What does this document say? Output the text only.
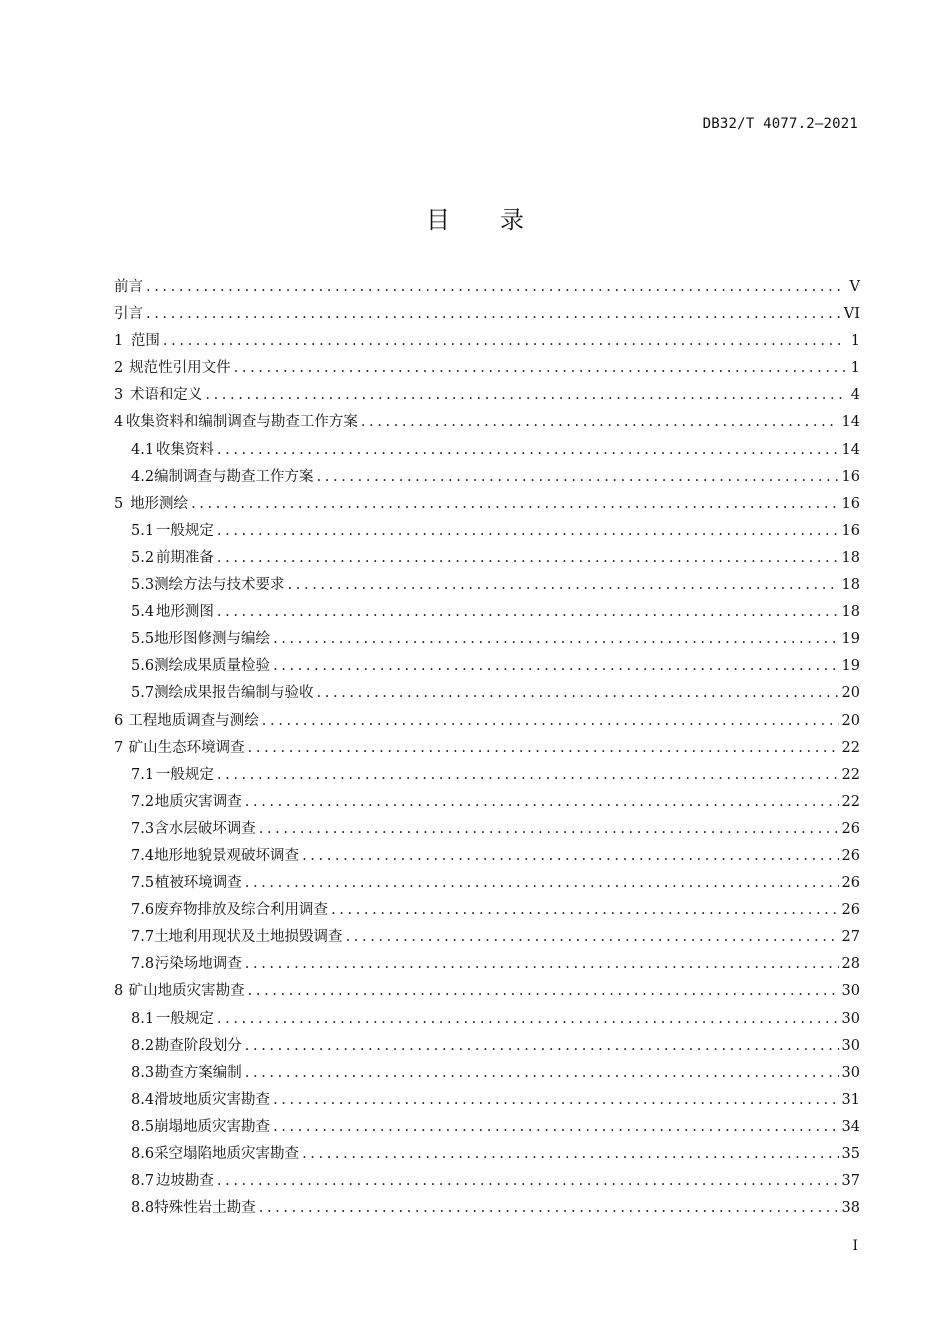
DB32/T 4077.2—2021
目录
前言 . . .	V
引言 . . .	VI
1 范围 . . .	1
2 规范性引用文件 . . .	1
3 术语和定义 . . .	4
4 收集资料和编制调查与勘查工作方案 . . .	14
4.1 收集资料 . . .	14
4.2 编制调查与勘查工作方案 . . .	16
5 地形测绘 . . .	16
5.1 一般规定 . . .	16
5.2 前期准备 . . .	18
5.3 测绘方法与技术要求 . . .	18
5.4 地形测图 . . .	18
5.5 地形图修测与编绘 . . .	19
5.6 测绘成果质量检验 . . .	19
5.7 测绘成果报告编制与验收 . . .	20
6 工程地质调查与测绘 . . .	20
7 矿山生态环境调查 . . .	22
7.1 一般规定 . . .	22
7.2 地质灾害调查 . . .	22
7.3 含水层破坏调查 . . .	26
7.4 地形地貌景观破坏调查 . . .	26
7.5 植被环境调查 . . .	26
7.6 废弃物排放及综合利用调查 . . .	26
7.7 土地利用现状及土地损毁调查 . . .	27
7.8 污染场地调查 . . .	28
8 矿山地质灾害勘查 . . .	30
8.1 一般规定 . . .	30
8.2 勘查阶段划分 . . .	30
8.3 勘查方案编制 . . .	30
8.4 滑坡地质灾害勘查 . . .	31
8.5 崩塌地质灾害勘查 . . .	34
8.6 采空塌陷地质灾害勘查 . . .	35
8.7 边坡勘查 . . .	37
8.8 特殊性岩土勘查 . . .	38
I
